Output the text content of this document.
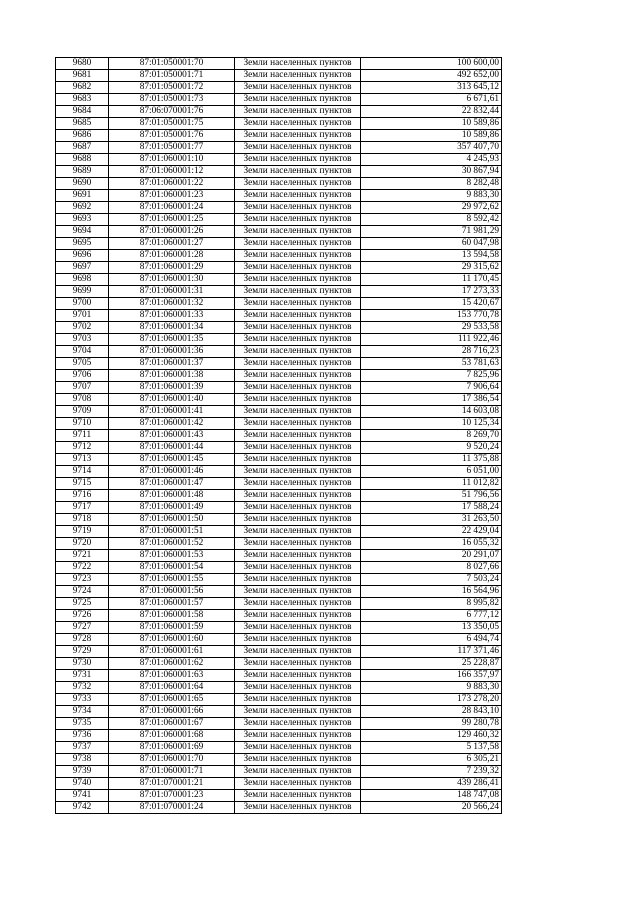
9680	87:01:050001:70	Земли населенных пунктов	100 600,00
9681	87:01:050001:71	Земли населенных пунктов	492 652,00
9682	87:01:050001:72	Земли населенных пунктов	313 645,12
9683	87:01:050001:73	Земли населенных пунктов	6 671,61
9684	87:06:070001:76	Земли населенных пунктов	22 832,44
9685	87:01:050001:75	Земли населенных пунктов	10 589,86
9686	87:01:050001:76	Земли населенных пунктов	10 589,86
9687	87:01:050001:77	Земли населенных пунктов	357 407,70
9688	87:01:060001:10	Земли населенных пунктов	4 245,93
9689	87:01:060001:12	Земли населенных пунктов	30 867,94
9690	87:01:060001:22	Земли населенных пунктов	8 282,48
9691	87:01:060001:23	Земли населенных пунктов	9 883,30
9692	87:01:060001:24	Земли населенных пунктов	29 972,62
9693	87:01:060001:25	Земли населенных пунктов	8 592,42
9694	87:01:060001:26	Земли населенных пунктов	71 981,29
9695	87:01:060001:27	Земли населенных пунктов	60 047,98
9696	87:01:060001:28	Земли населенных пунктов	13 594,58
9697	87:01:060001:29	Земли населенных пунктов	29 315,62
9698	87:01:060001:30	Земли населенных пунктов	11 170,45
9699	87:01:060001:31	Земли населенных пунктов	17 273,33
9700	87:01:060001:32	Земли населенных пунктов	15 420,67
9701	87:01:060001:33	Земли населенных пунктов	153 770,78
9702	87:01:060001:34	Земли населенных пунктов	29 533,58
9703	87:01:060001:35	Земли населенных пунктов	111 922,46
9704	87:01:060001:36	Земли населенных пунктов	28 716,23
9705	87:01:060001:37	Земли населенных пунктов	53 781,63
9706	87:01:060001:38	Земли населенных пунктов	7 825,96
9707	87:01:060001:39	Земли населенных пунктов	7 906,64
9708	87:01:060001:40	Земли населенных пунктов	17 386,54
9709	87:01:060001:41	Земли населенных пунктов	14 603,08
9710	87:01:060001:42	Земли населенных пунктов	10 125,34
9711	87:01:060001:43	Земли населенных пунктов	8 269,70
9712	87:01:060001:44	Земли населенных пунктов	9 520,24
9713	87:01:060001:45	Земли населенных пунктов	11 375,88
9714	87:01:060001:46	Земли населенных пунктов	6 051,00
9715	87:01:060001:47	Земли населенных пунктов	11 012,82
9716	87:01:060001:48	Земли населенных пунктов	51 796,56
9717	87:01:060001:49	Земли населенных пунктов	17 588,24
9718	87:01:060001:50	Земли населенных пунктов	31 263,50
9719	87:01:060001:51	Земли населенных пунктов	22 429,04
9720	87:01:060001:52	Земли населенных пунктов	16 055,32
9721	87:01:060001:53	Земли населенных пунктов	20 291,07
9722	87:01:060001:54	Земли населенных пунктов	8 027,66
9723	87:01:060001:55	Земли населенных пунктов	7 503,24
9724	87:01:060001:56	Земли населенных пунктов	16 564,96
9725	87:01:060001:57	Земли населенных пунктов	8 995,82
9726	87:01:060001:58	Земли населенных пунктов	6 777,12
9727	87:01:060001:59	Земли населенных пунктов	13 350,05
9728	87:01:060001:60	Земли населенных пунктов	6 494,74
9729	87:01:060001:61	Земли населенных пунктов	117 371,46
9730	87:01:060001:62	Земли населенных пунктов	25 228,87
9731	87:01:060001:63	Земли населенных пунктов	166 357,97
9732	87:01:060001:64	Земли населенных пунктов	9 883,30
9733	87:01:060001:65	Земли населенных пунктов	173 278,20
9734	87:01:060001:66	Земли населенных пунктов	28 843,10
9735	87:01:060001:67	Земли населенных пунктов	99 280,78
9736	87:01:060001:68	Земли населенных пунктов	129 460,32
9737	87:01:060001:69	Земли населенных пунктов	5 137,58
9738	87:01:060001:70	Земли населенных пунктов	6 305,21
9739	87:01:060001:71	Земли населенных пунктов	7 239,32
9740	87:01:070001:21	Земли населенных пунктов	439 286,41
9741	87:01:070001:23	Земли населенных пунктов	148 747,08
9742	87:01:070001:24	Земли населенных пунктов	20 566,24
